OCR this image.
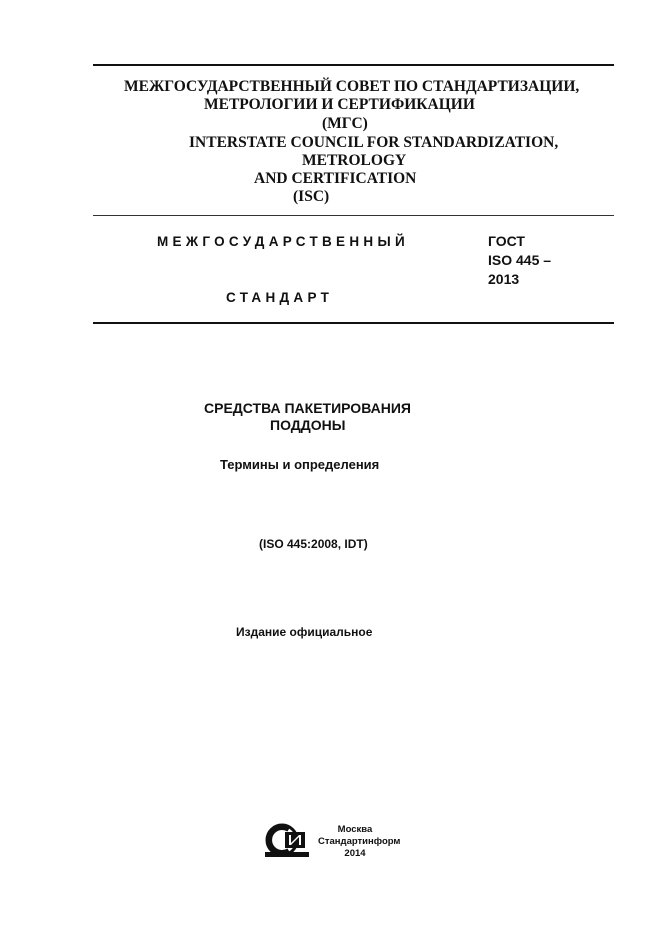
МЕЖГОСУДАРСТВЕННЫЙ СОВЕТ ПО СТАНДАРТИЗАЦИИ,
МЕТРОЛОГИИ И СЕРТИФИКАЦИИ
(МГС)
INTERSTATE COUNCIL FOR STANDARDIZATION,
METROLOGY
AND CERTIFICATION
(ISC)
МЕЖГОСУДАРСТВЕННЫЙ
СТАНДАРТ
ГОСТ
ISO 445 –
2013
СРЕДСТВА ПАКЕТИРОВАНИЯ
ПОДДОНЫ
Термины и определения
(ISO 445:2008, IDT)
Издание официальное
Москва
Стандартинформ
2014
